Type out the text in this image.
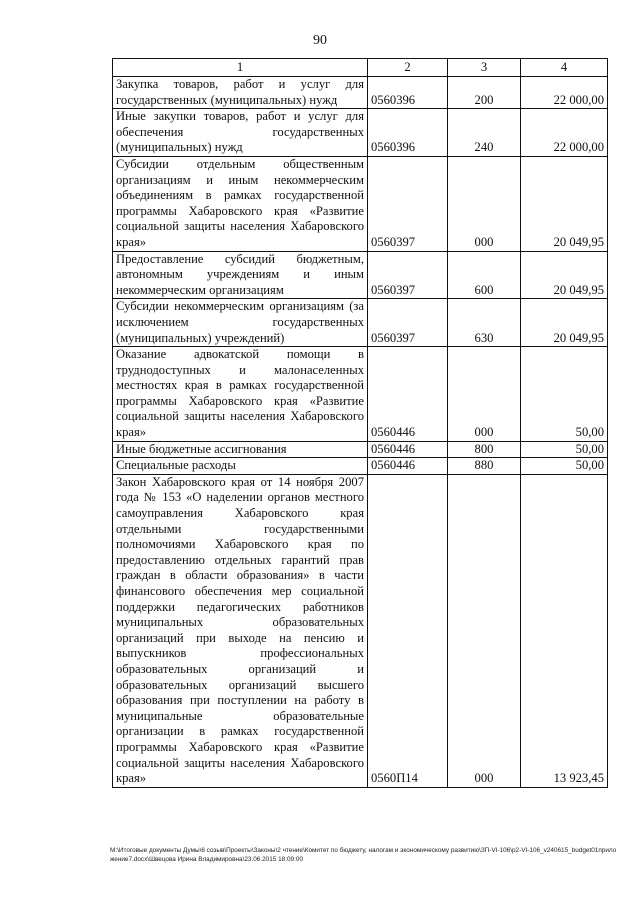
90
1	2	3	4
Закупка товаров, работ и услуг для государственных (муниципальных) нужд	0560396	200	22 000,00
Иные закупки товаров, работ и услуг для обеспечения государственных (муниципальных) нужд	0560396	240	22 000,00
Субсидии отдельным общественным организациям и иным некоммерческим объединениям в рамках государственной программы Хабаровского края «Развитие социальной защиты населения Хабаровского края»	0560397	000	20 049,95
Предоставление субсидий бюджетным, автономным учреждениям и иным некоммерческим организациям	0560397	600	20 049,95
Субсидии некоммерческим организациям (за исключением государственных (муниципальных) учреждений)	0560397	630	20 049,95
Оказание адвокатской помощи в труднодоступных и малонаселенных местностях края в рамках государственной программы Хабаровского края «Развитие социальной защиты населения Хабаровского края»	0560446	000	50,00
Иные бюджетные ассигнования	0560446	800	50,00
Специальные расходы	0560446	880	50,00
Закон Хабаровского края от 14 ноября 2007 года № 153 «О наделении органов местного самоуправления Хабаровского края отдельными государственными полномочиями Хабаровского края по предоставлению отдельных гарантий прав граждан в области образования» в части финансового обеспечения мер социальной поддержки педагогических работников муниципальных образовательных организаций при выходе на пенсию и выпускников профессиональных образовательных организаций и образовательных организаций высшего образования при поступлении на работу в муниципальные образовательные организации в рамках государственной программы Хабаровского края «Развитие социальной защиты населения Хабаровского края»	0560П14	000	13 923,45
M:\Итоговые документы Думы\6 созыв\Проекты\Законы\2 чтение\Комитет по бюджету, налогам и экономическому развитию\ЗП-VI-106\р2-VI-106_v240615_budget01приложение7.docx\Швецова Ирина Владимировна\23.06.2015 18:09:00
